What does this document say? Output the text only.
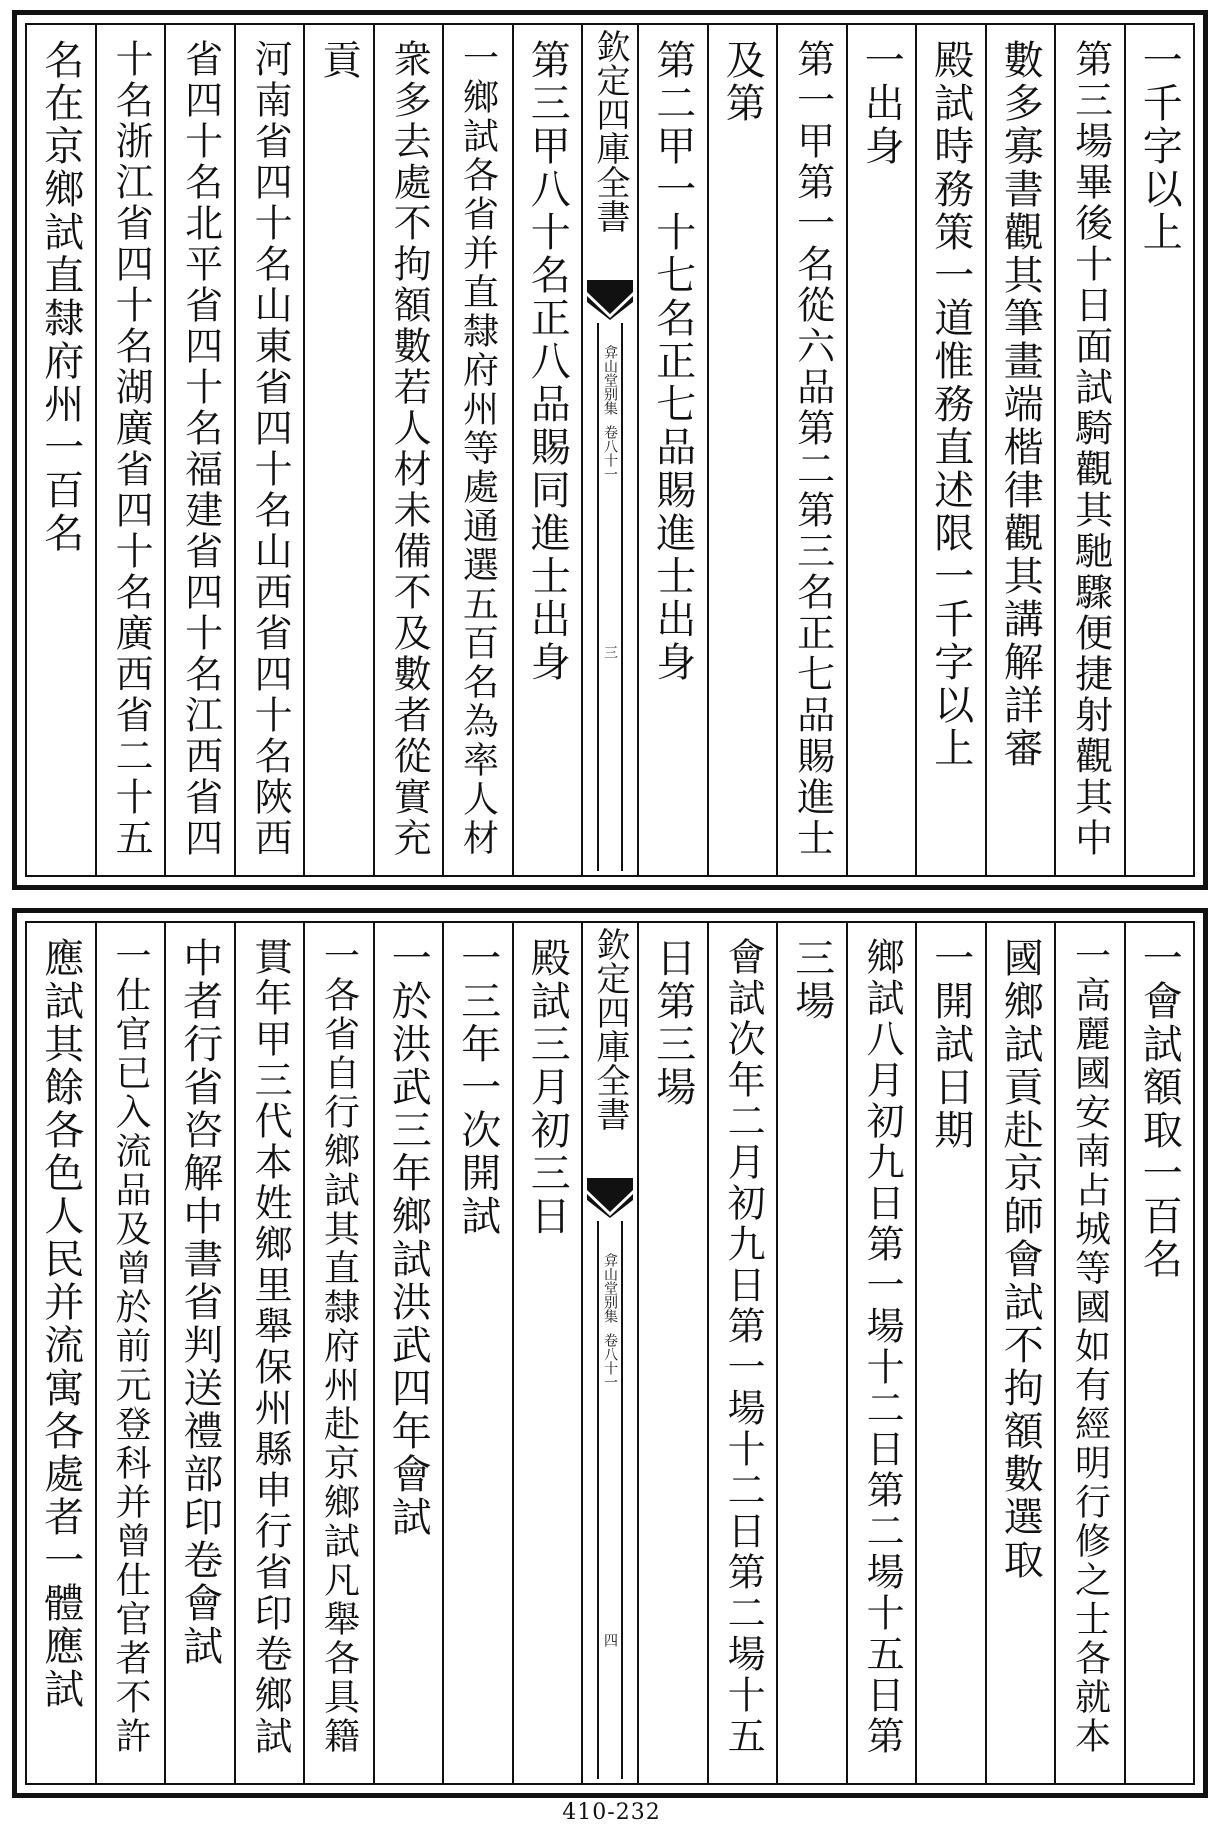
一千字以上
第三場畢後十日面試騎觀其馳驟便捷射觀其中
數多寡書觀其筆畫端楷律觀其講解詳審
殿試時務策一道惟務直述限一千字以上
一出身
第一甲第一名從六品第二第三名正七品賜進士
及第
第二甲一十七名正七品賜進士出身
欽定四庫全書
弇山堂别集
卷八十一
三
第三甲八十名正八品賜同進士出身
一鄉試各省并直隸府州等處通選五百名為率人材
衆多去處不拘額數若人材未備不及數者從實充
貢
河南省四十名山東省四十名山西省四十名陜西
省四十名北平省四十名福建省四十名江西省四
十名浙江省四十名湖廣省四十名廣西省二十五
名在京鄉試直隸府州一百名
一會試額取一百名
一高麗國安南占城等國如有經明行修之士各就本
國鄉試貢赴京師會試不拘額數選取
一開試日期
鄉試八月初九日第一場十二日第二場十五日第
三場
會試次年二月初九日第一場十二日第二場十五
日第三場
欽定四庫全書
弇山堂别集
卷八十一
四
殿試三月初三日
一三年一次開試
一於洪武三年鄉試洪武四年會試
一各省自行鄉試其直隸府州赴京鄉試凡舉各具籍
貫年甲三代本姓鄉里舉保州縣申行省印卷鄉試
中者行省咨解中書省判送禮部印卷會試
一仕官已入流品及曾於前元登科并曾仕官者不許
應試其餘各色人民并流寓各處者一體應試
410-232
